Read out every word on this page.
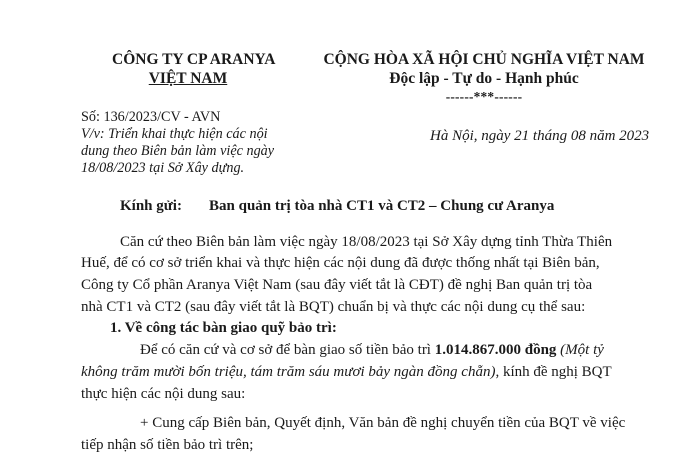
CÔNG TY CP ARANYA
VIỆT NAM
CỘNG HÒA XÃ HỘI CHỦ NGHĨA VIỆT NAM
Độc lập - Tự do - Hạnh phúc
------***------
Số: 136/2023/CV - AVN
V/v: Triển khai thực hiện các nội
dung theo Biên bản làm việc ngày
18/08/2023 tại Sở Xây dựng.
Hà Nội, ngày 21 tháng 08 năm 2023
Kính gửi: Ban quản trị tòa nhà CT1 và CT2 – Chung cư Aranya
Căn cứ theo Biên bản làm việc ngày 18/08/2023 tại Sở Xây dựng tỉnh Thừa Thiên
Huế, để có cơ sở triển khai và thực hiện các nội dung đã được thống nhất tại Biên bản,
Công ty Cổ phần Aranya Việt Nam (sau đây viết tắt là CĐT) đề nghị Ban quản trị tòa
nhà CT1 và CT2 (sau đây viết tắt là BQT) chuẩn bị và thực các nội dung cụ thể sau:
1. Về công tác bàn giao quỹ bảo trì:
Để có căn cứ và cơ sở để bàn giao số tiền bảo trì 1.014.867.000 đồng (Một tỷ
không trăm mười bốn triệu, tám trăm sáu mươi bảy ngàn đồng chẵn), kính đề nghị BQT
thực hiện các nội dung sau:
+ Cung cấp Biên bản, Quyết định, Văn bản đề nghị chuyển tiền của BQT về việc
tiếp nhận số tiền bảo trì trên;
